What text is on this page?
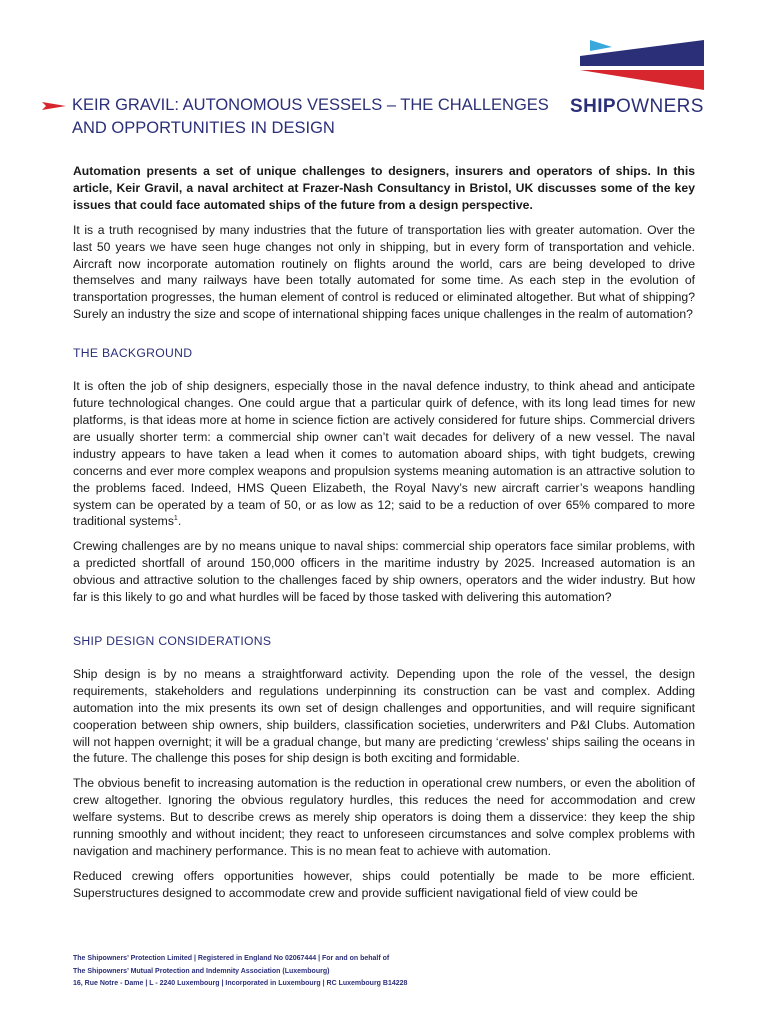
SHIPOWNERS
KEIR GRAVIL: AUTONOMOUS VESSELS – THE CHALLENGES AND OPPORTUNITIES IN DESIGN

Automation presents a set of unique challenges to designers, insurers and operators of ships. In this article, Keir Gravil, a naval architect at Frazer-Nash Consultancy in Bristol, UK discusses some of the key issues that could face automated ships of the future from a design perspective.

It is a truth recognised by many industries that the future of transportation lies with greater automation. Over the last 50 years we have seen huge changes not only in shipping, but in every form of transportation and vehicle. Aircraft now incorporate automation routinely on flights around the world, cars are being developed to drive themselves and many railways have been totally automated for some time. As each step in the evolution of transportation progresses, the human element of control is reduced or eliminated altogether. But what of shipping? Surely an industry the size and scope of international shipping faces unique challenges in the realm of automation?

THE BACKGROUND

It is often the job of ship designers, especially those in the naval defence industry, to think ahead and anticipate future technological changes. One could argue that a particular quirk of defence, with its long lead times for new platforms, is that ideas more at home in science fiction are actively considered for future ships. Commercial drivers are usually shorter term: a commercial ship owner can’t wait decades for delivery of a new vessel. The naval industry appears to have taken a lead when it comes to automation aboard ships, with tight budgets, crewing concerns and ever more complex weapons and propulsion systems meaning automation is an attractive solution to the problems faced. Indeed, HMS Queen Elizabeth, the Royal Navy’s new aircraft carrier’s weapons handling system can be operated by a team of 50, or as low as 12; said to be a reduction of over 65% compared to more traditional systems$^1$.

Crewing challenges are by no means unique to naval ships: commercial ship operators face similar problems, with a predicted shortfall of around 150,000 officers in the maritime industry by 2025. Increased automation is an obvious and attractive solution to the challenges faced by ship owners, operators and the wider industry. But how far is this likely to go and what hurdles will be faced by those tasked with delivering this automation?

SHIP DESIGN CONSIDERATIONS

Ship design is by no means a straightforward activity. Depending upon the role of the vessel, the design requirements, stakeholders and regulations underpinning its construction can be vast and complex. Adding automation into the mix presents its own set of design challenges and opportunities, and will require significant cooperation between ship owners, ship builders, classification societies, underwriters and P&I Clubs. Automation will not happen overnight; it will be a gradual change, but many are predicting ‘crewless’ ships sailing the oceans in the future. The challenge this poses for ship design is both exciting and formidable.

The obvious benefit to increasing automation is the reduction in operational crew numbers, or even the abolition of crew altogether. Ignoring the obvious regulatory hurdles, this reduces the need for accommodation and crew welfare systems. But to describe crews as merely ship operators is doing them a disservice: they keep the ship running smoothly and without incident; they react to unforeseen circumstances and solve complex problems with navigation and machinery performance. This is no mean feat to achieve with automation.

Reduced crewing offers opportunities however, ships could potentially be made to be more efficient. Superstructures designed to accommodate crew and provide sufficient navigational field of view could be

The Shipowners’ Protection Limited | Registered in England No 02067444 | For and on behalf of
The Shipowners’ Mutual Protection and Indemnity Association (Luxembourg)
16, Rue Notre - Dame | L - 2240 Luxembourg | Incorporated in Luxembourg | RC Luxembourg B14228
